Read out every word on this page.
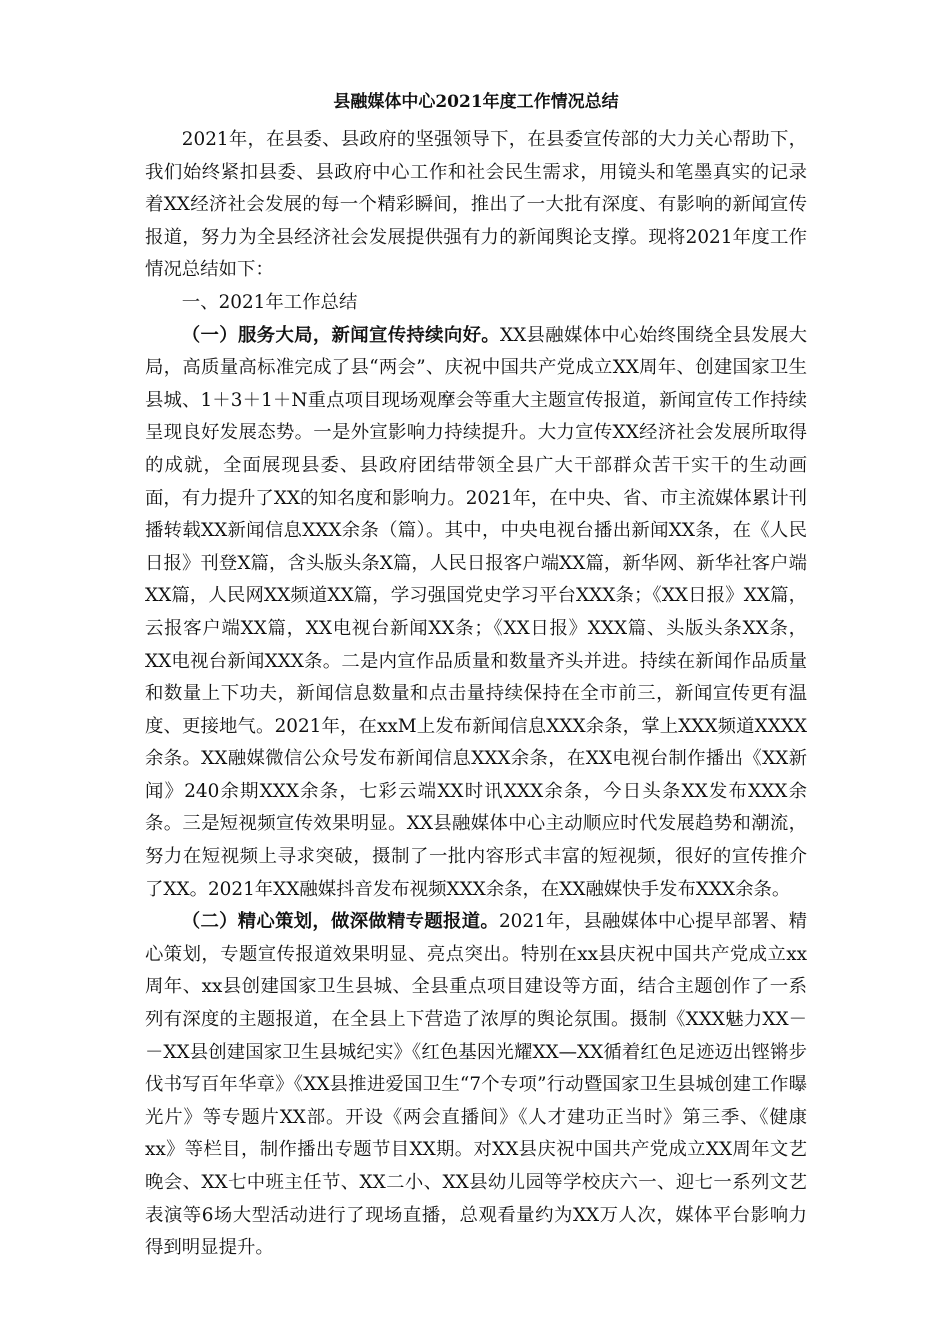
县融媒体中心2021年度工作情况总结

2021年，在县委、县政府的坚强领导下，在县委宣传部的大力关心帮助下，我们始终紧扣县委、县政府中心工作和社会民生需求，用镜头和笔墨真实的记录着XX经济社会发展的每一个精彩瞬间，推出了一大批有深度、有影响的新闻宣传报道，努力为全县经济社会发展提供强有力的新闻舆论支撑。现将2021年度工作情况总结如下：

一、2021年工作总结

（一）服务大局，新闻宣传持续向好。XX县融媒体中心始终围绕全县发展大局，高质量高标准完成了县“两会”、庆祝中国共产党成立XX周年、创建国家卫生县城、1＋3＋1＋N重点项目现场观摩会等重大主题宣传报道，新闻宣传工作持续呈现良好发展态势。一是外宣影响力持续提升。大力宣传XX经济社会发展所取得的成就，全面展现县委、县政府团结带领全县广大干部群众苦干实干的生动画面，有力提升了XX的知名度和影响力。2021年，在中央、省、市主流媒体累计刊播转载XX新闻信息XXX余条（篇）。其中，中央电视台播出新闻XX条，在《人民日报》刊登X篇，含头版头条X篇，人民日报客户端XX篇，新华网、新华社客户端XX篇，人民网XX频道XX篇，学习强国党史学习平台XXX条；《XX日报》XX篇，云报客户端XX篇，XX电视台新闻XX条；《XX日报》XXX篇、头版头条XX条，XX电视台新闻XXX条。二是内宣作品质量和数量齐头并进。持续在新闻作品质量和数量上下功夫，新闻信息数量和点击量持续保持在全市前三，新闻宣传更有温度、更接地气。2021年，在xxM上发布新闻信息XXX余条，掌上XXX频道XXXX余条。XX融媒微信公众号发布新闻信息XXX余条，在XX电视台制作播出《XX新闻》240余期XXX余条，七彩云端XX时讯XXX余条，今日头条XX发布XXX余条。三是短视频宣传效果明显。XX县融媒体中心主动顺应时代发展趋势和潮流，努力在短视频上寻求突破，摄制了一批内容形式丰富的短视频，很好的宣传推介了XX。2021年XX融媒抖音发布视频XXX余条，在XX融媒快手发布XXX余条。

（二）精心策划，做深做精专题报道。2021年，县融媒体中心提早部署、精心策划，专题宣传报道效果明显、亮点突出。特别在xx县庆祝中国共产党成立xx周年、xx县创建国家卫生县城、全县重点项目建设等方面，结合主题创作了一系列有深度的主题报道，在全县上下营造了浓厚的舆论氛围。摄制《XXX魅力XX－－XX县创建国家卫生县城纪实》《红色基因光耀XX—XX循着红色足迹迈出铿锵步伐书写百年华章》《XX县推进爱国卫生“7个专项”行动暨国家卫生县城创建工作曝光片》等专题片XX部。开设《两会直播间》《人才建功正当时》第三季、《健康xx》等栏目，制作播出专题节目XX期。对XX县庆祝中国共产党成立XX周年文艺晚会、XX七中班主任节、XX二小、XX县幼儿园等学校庆六一、迎七一系列文艺表演等6场大型活动进行了现场直播，总观看量约为XX万人次，媒体平台影响力得到明显提升。
